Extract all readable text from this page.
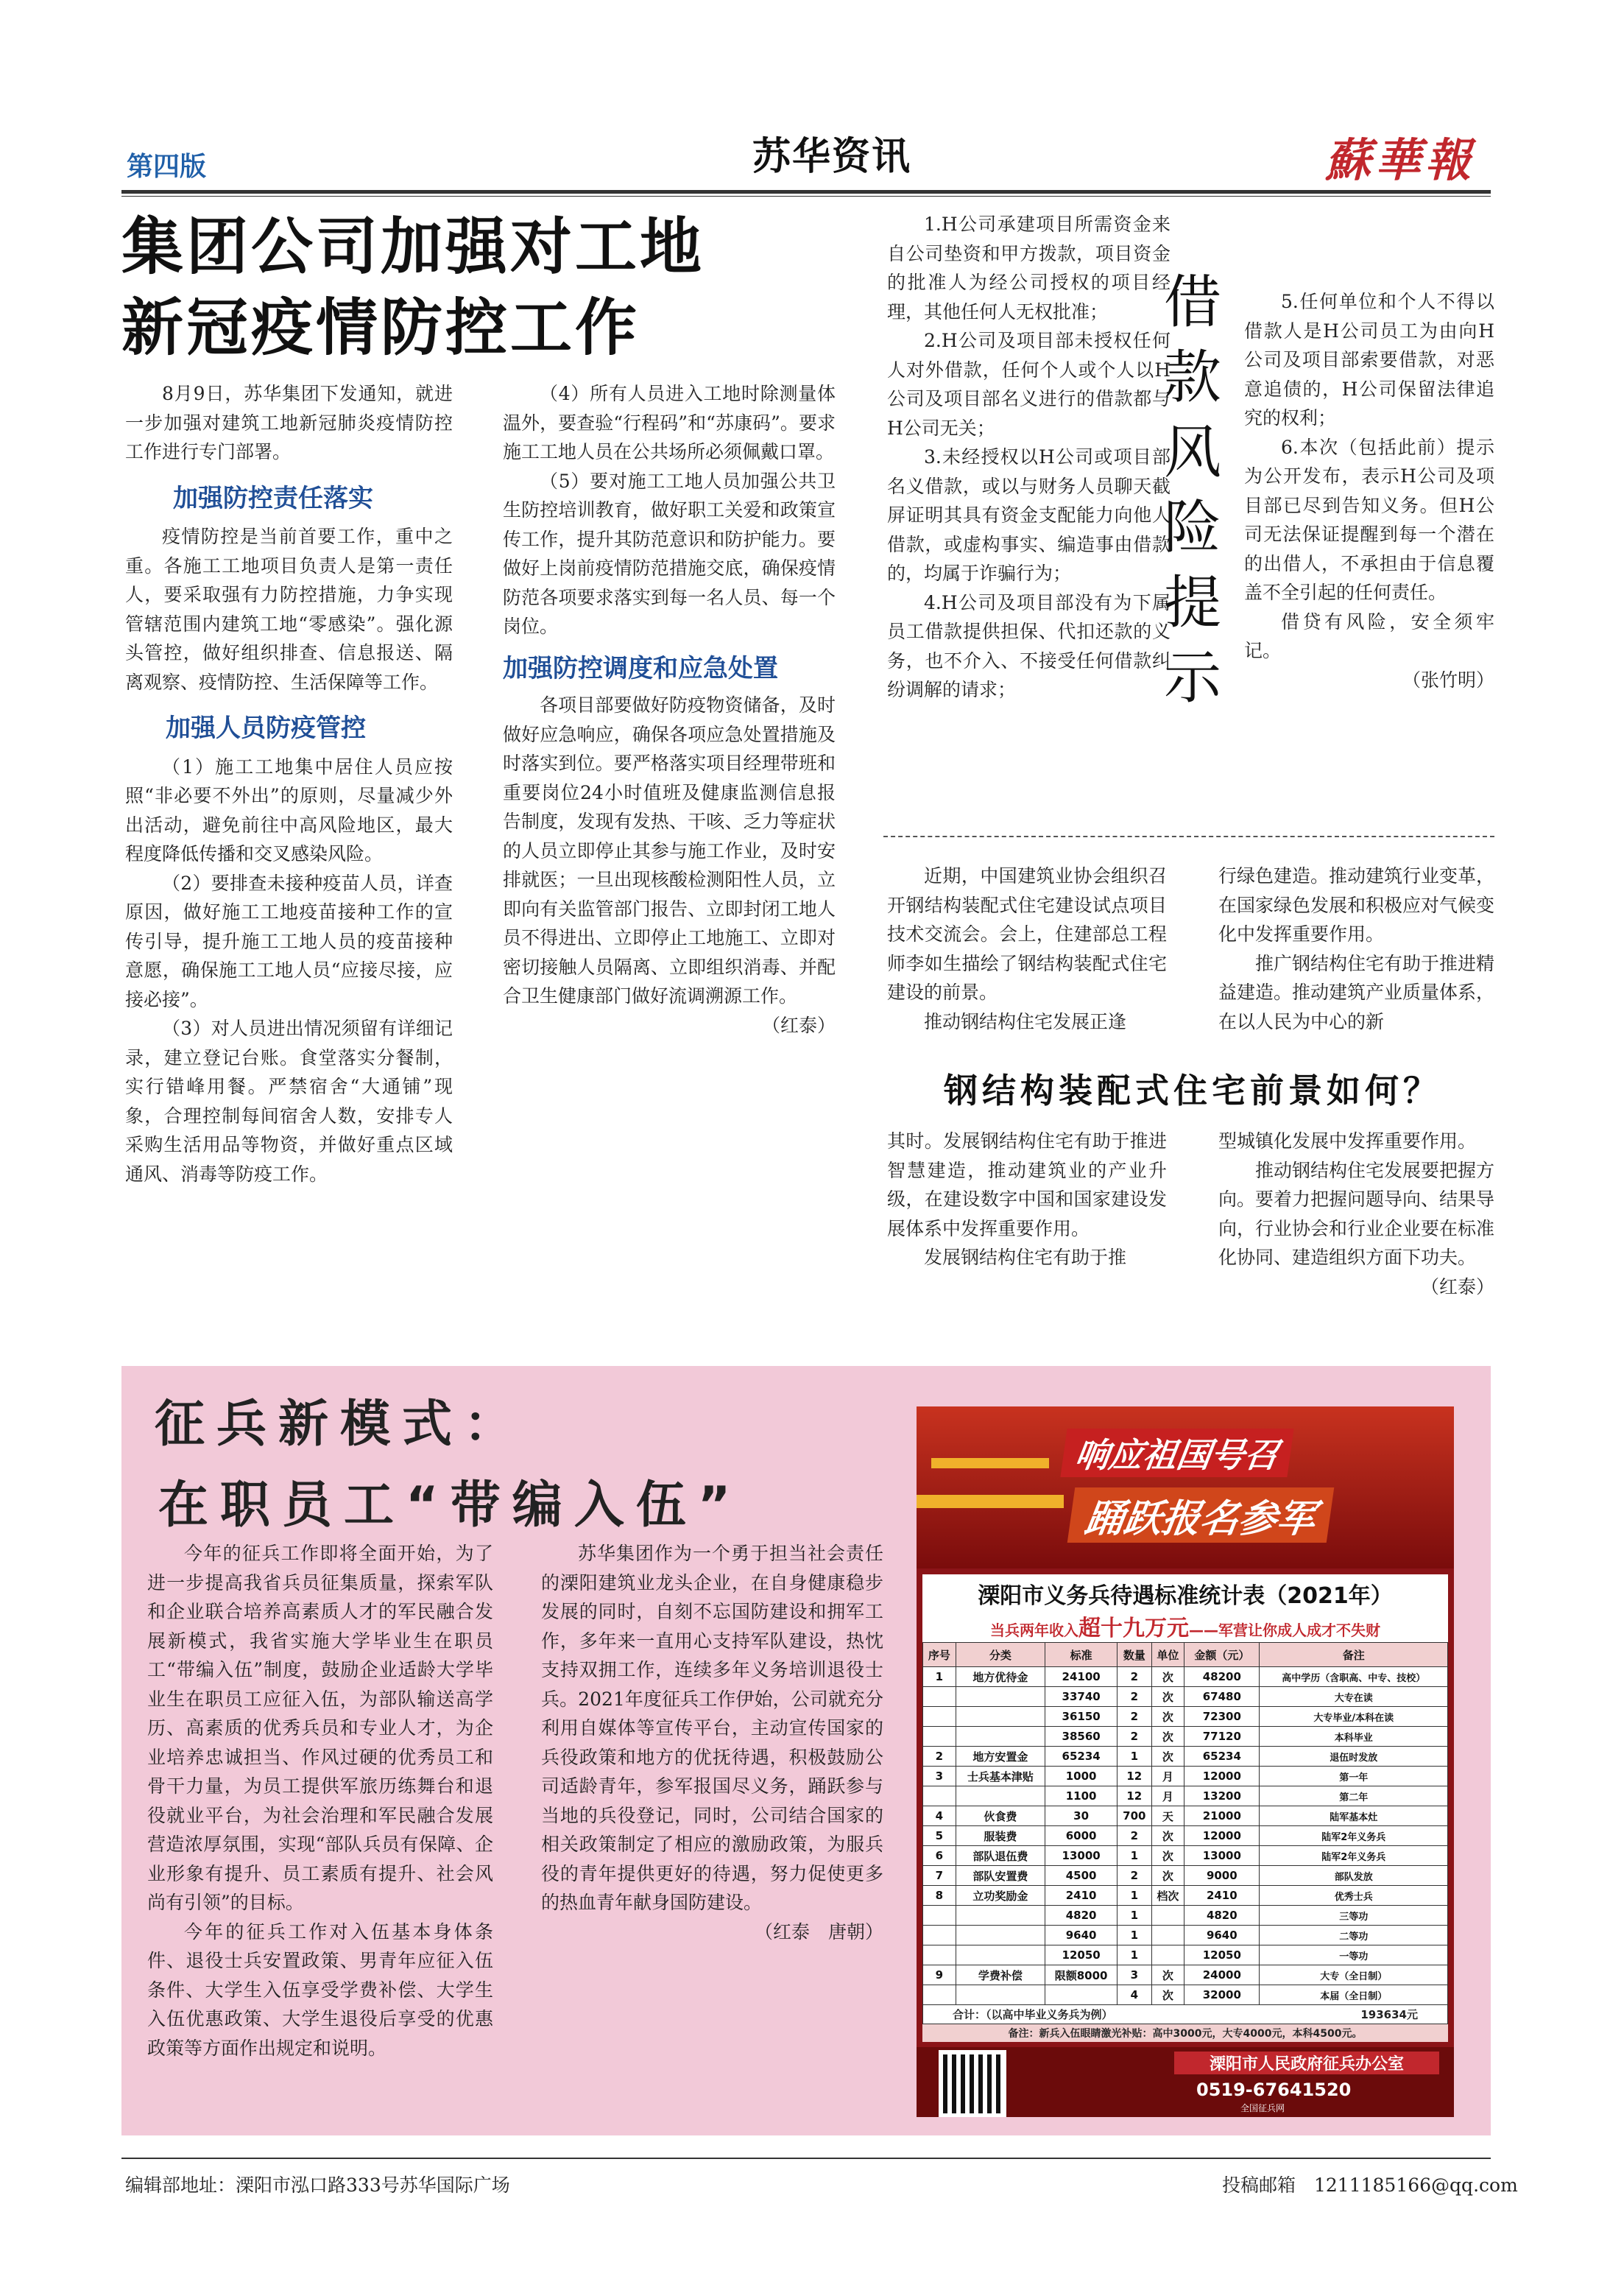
第四版	苏华资讯	蘇華報
集团公司加强对工地
新冠疫情防控工作

8月9日，苏华集团下发通知，就进一步加强对建筑工地新冠肺炎疫情防控工作进行专门部署。

加强防控责任落实

疫情防控是当前首要工作，重中之重。各施工工地项目负责人是第一责任人，要采取强有力防控措施，力争实现管辖范围内建筑工地“零感染”。强化源头管控，做好组织排查、信息报送、隔离观察、疫情防控、生活保障等工作。

加强人员防疫管控

（1）施工工地集中居住人员应按照“非必要不外出”的原则，尽量减少外出活动，避免前往中高风险地区，最大程度降低传播和交叉感染风险。

（2）要排查未接种疫苗人员，详查原因，做好施工工地疫苗接种工作的宣传引导，提升施工工地人员的疫苗接种意愿，确保施工工地人员“应接尽接，应接必接”。

（3）对人员进出情况须留有详细记录，建立登记台账。食堂落实分餐制，实行错峰用餐。严禁宿舍“大通铺”现象，合理控制每间宿舍人数，安排专人采购生活用品等物资，并做好重点区域通风、消毒等防疫工作。

（4）所有人员进入工地时除测量体温外，要查验“行程码”和“苏康码”。要求施工工地人员在公共场所必须佩戴口罩。

（5）要对施工工地人员加强公共卫生防控培训教育，做好职工关爱和政策宣传工作，提升其防范意识和防护能力。要做好上岗前疫情防范措施交底，确保疫情防范各项要求落实到每一名人员、每一个岗位。

加强防控调度和应急处置

各项目部要做好防疫物资储备，及时做好应急响应，确保各项应急处置措施及时落实到位。要严格落实项目经理带班和重要岗位24小时值班及健康监测信息报告制度，发现有发热、干咳、乏力等症状的人员立即停止其参与施工作业，及时安排就医；一旦出现核酸检测阳性人员，立即向有关监管部门报告、立即封闭工地人员不得进出、立即停止工地施工、立即对密切接触人员隔离、立即组织消毒、并配合卫生健康部门做好流调溯源工作。

（红泰）

1.H公司承建项目所需资金来自公司垫资和甲方拨款，项目资金的批准人为经公司授权的项目经理，其他任何人无权批准；

2.H公司及项目部未授权任何人对外借款，任何个人或个人以H公司及项目部名义进行的借款都与H公司无关；

3.未经授权以H公司或项目部名义借款，或以与财务人员聊天截屏证明其具有资金支配能力向他人借款，或虚构事实、编造事由借款的，均属于诈骗行为；

4.H公司及项目部没有为下属员工借款提供担保、代扣还款的义务，也不介入、不接受任何借款纠纷调解的请求；

借
款
风
险
提
示

5.任何单位和个人不得以借款人是H公司员工为由向H公司及项目部索要借款，对恶意追债的，H公司保留法律追究的权利；

6.本次（包括此前）提示为公开发布，表示H公司及项目部已尽到告知义务。但H公司无法保证提醒到每一个潜在的出借人，不承担由于信息覆盖不全引起的任何责任。

借贷有风险，安全须牢记。

（张竹明）

近期，中国建筑业协会组织召开钢结构装配式住宅建设试点项目技术交流会。会上，住建部总工程师李如生描绘了钢结构装配式住宅建设的前景。

推动钢结构住宅发展正逢

行绿色建造。推动建筑行业变革，在国家绿色发展和积极应对气候变化中发挥重要作用。

推广钢结构住宅有助于推进精益建造。推动建筑产业质量体系，在以人民为中心的新

钢结构装配式住宅前景如何？
其时。发展钢结构住宅有助于推进智慧建造，推动建筑业的产业升级，在建设数字中国和国家建设发展体系中发挥重要作用。

发展钢结构住宅有助于推

型城镇化发展中发挥重要作用。

推动钢结构住宅发展要把握方向。要着力把握问题导向、结果导向，行业协会和行业企业要在标准化协同、建造组织方面下功夫。

（红泰）
征兵新模式：
在职员工“带编入伍”

今年的征兵工作即将全面开始，为了进一步提高我省兵员征集质量，探索军队和企业联合培养高素质人才的军民融合发展新模式，我省实施大学毕业生在职员工“带编入伍”制度，鼓励企业适龄大学毕业生在职员工应征入伍，为部队输送高学历、高素质的优秀兵员和专业人才，为企业培养忠诚担当、作风过硬的优秀员工和骨干力量，为员工提供军旅历练舞台和退役就业平台，为社会治理和军民融合发展营造浓厚氛围，实现“部队兵员有保障、企业形象有提升、员工素质有提升、社会风尚有引领”的目标。

今年的征兵工作对入伍基本身体条件、退役士兵安置政策、男青年应征入伍条件、大学生入伍享受学费补偿、大学生入伍优惠政策、大学生退役后享受的优惠政策等方面作出规定和说明。

苏华集团作为一个勇于担当社会责任的溧阳建筑业龙头企业，在自身健康稳步发展的同时，自刻不忘国防建设和拥军工作，多年来一直用心支持军队建设，热忱支持双拥工作，连续多年义务培训退役士兵。2021年度征兵工作伊始，公司就充分利用自媒体等宣传平台，主动宣传国家的兵役政策和地方的优抚待遇，积极鼓励公司适龄青年，参军报国尽义务，踊跃参与当地的兵役登记，同时，公司结合国家的相关政策制定了相应的激励政策，为服兵役的青年提供更好的待遇，努力促使更多的热血青年献身国防建设。

（红泰　唐朝）
响应祖国号召
踊跃报名参军
溧阳市义务兵待遇标准统计表（2021年）
当兵两年收入超十九万元——军营让你成人成才不失财
序号	分类	标准	数量	单位	金额（元）	备注
1	地方优待金	24100	2	次	48200	高中学历（含职高、中专、技校）
		33740	2	次	67480	大专在读
		36150	2	次	72300	大专毕业/本科在读
		38560	2	次	77120	本科毕业
2	地方安置金	65234	1	次	65234	退伍时发放
3	士兵基本津贴	1000	12	月	12000	第一年
		1100	12	月	13200	第二年
4	伙食费	30	700	天	21000	陆军基本灶
5	服装费	6000	2	次	12000	陆军2年义务兵
6	部队退伍费	13000	1	次	13000	陆军2年义务兵
7	部队安置费	4500	2	次	9000	部队发放
8	立功奖励金	2410	1	档次	2410	优秀士兵
		4820	1		4820	三等功
		9640	1		9640	二等功
		12050	1		12050	一等功
9	学费补偿	限额8000	3	次	24000	大专（全日制）
			4	次	32000	本届（全日制）
合计：（以高中毕业义务兵为例）	193634元
备注：新兵入伍眼睛激光补贴：高中3000元，大专4000元，本科4500元。
溧阳市人民政府征兵办公室
0519-67641520
全国征兵网
编辑部地址：溧阳市泓口路333号苏华国际广场	投稿邮箱　1211185166@qq.com
